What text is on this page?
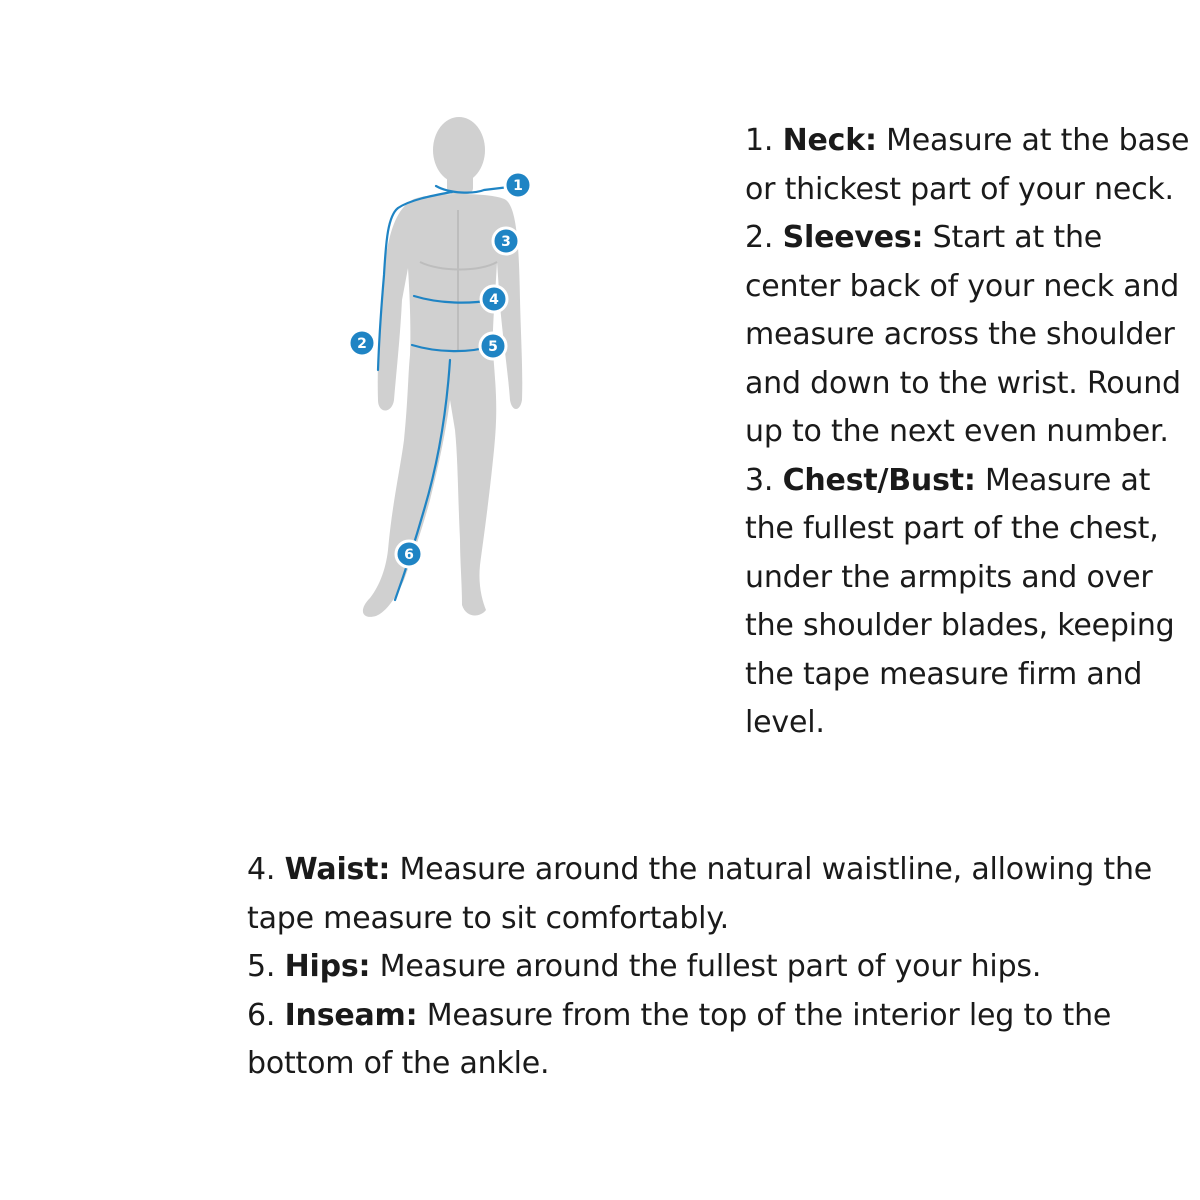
1
3
4
5
2
6

1. Neck: Measure at the base or thickest part of your neck.
2. Sleeves: Start at the center back of your neck and measure across the shoulder and down to the wrist. Round up to the next even number.
3. Chest/Bust: Measure at the fullest part of the chest, under the armpits and over the shoulder blades, keeping the tape measure firm and level.

4. Waist: Measure around the natural waistline, allowing the tape measure to sit comfortably.
5. Hips: Measure around the fullest part of your hips.
6. Inseam: Measure from the top of the interior leg to the bottom of the ankle.
